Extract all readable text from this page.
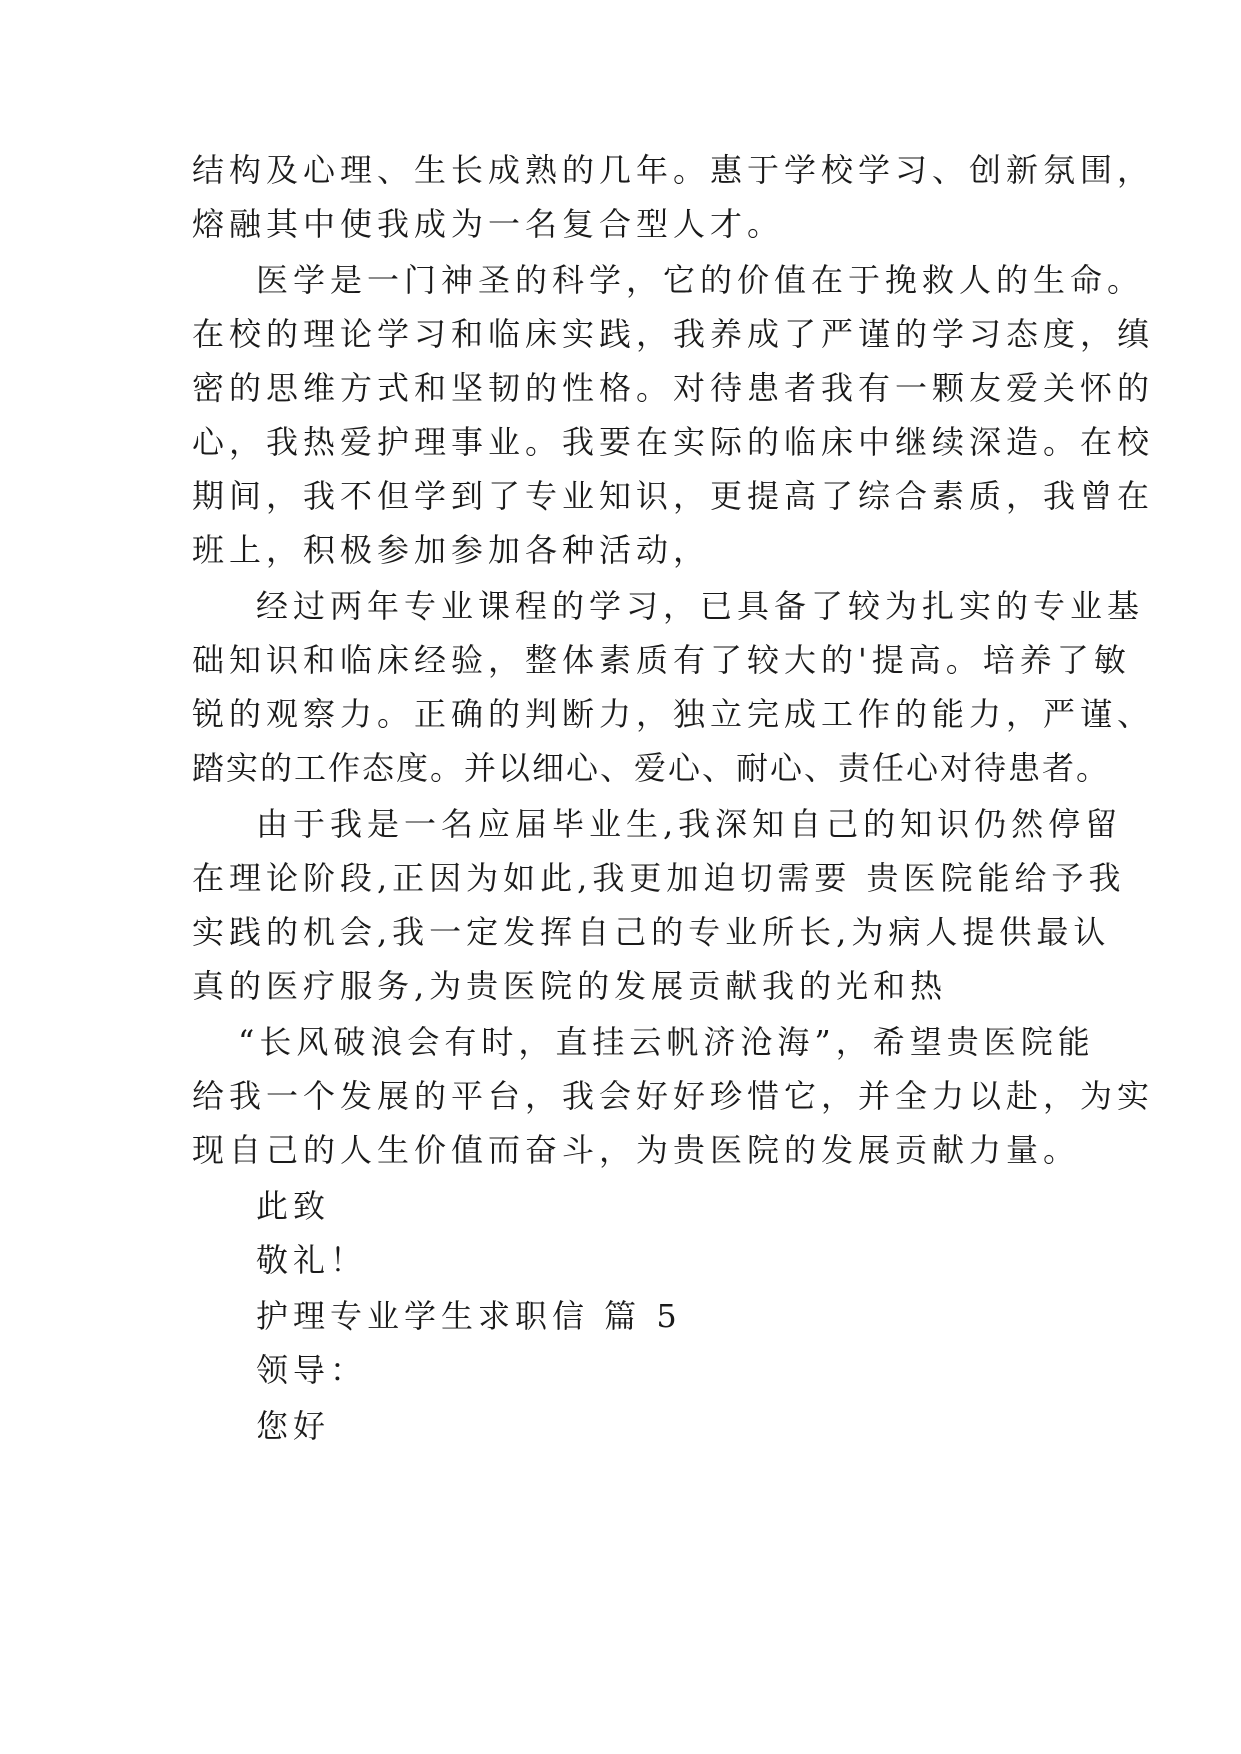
结构及心理、生长成熟的几年。惠于学校学习、创新氛围，
熔融其中使我成为一名复合型人才。
医学是一门神圣的科学，它的价值在于挽救人的生命。
在校的理论学习和临床实践，我养成了严谨的学习态度，缜
密的思维方式和坚韧的性格。对待患者我有一颗友爱关怀的
心，我热爱护理事业。我要在实际的临床中继续深造。在校
期间，我不但学到了专业知识，更提高了综合素质，我曾在
班上，积极参加参加各种活动，
经过两年专业课程的学习，已具备了较为扎实的专业基
础知识和临床经验，整体素质有了较大的'提高。培养了敏
锐的观察力。正确的判断力，独立完成工作的能力，严谨、
踏实的工作态度。并以细心、爱心、耐心、责任心对待患者。
由于我是一名应届毕业生,我深知自己的知识仍然停留
在理论阶段,正因为如此,我更加迫切需要 贵医院能给予我
实践的机会,我一定发挥自己的专业所长,为病人提供最认
真的医疗服务,为贵医院的发展贡献我的光和热
“长风破浪会有时，直挂云帆济沧海”，希望贵医院能
给我一个发展的平台，我会好好珍惜它，并全力以赴，为实
现自己的人生价值而奋斗，为贵医院的发展贡献力量。
此致
敬礼！
护理专业学生求职信 篇 5
领导：
您好
